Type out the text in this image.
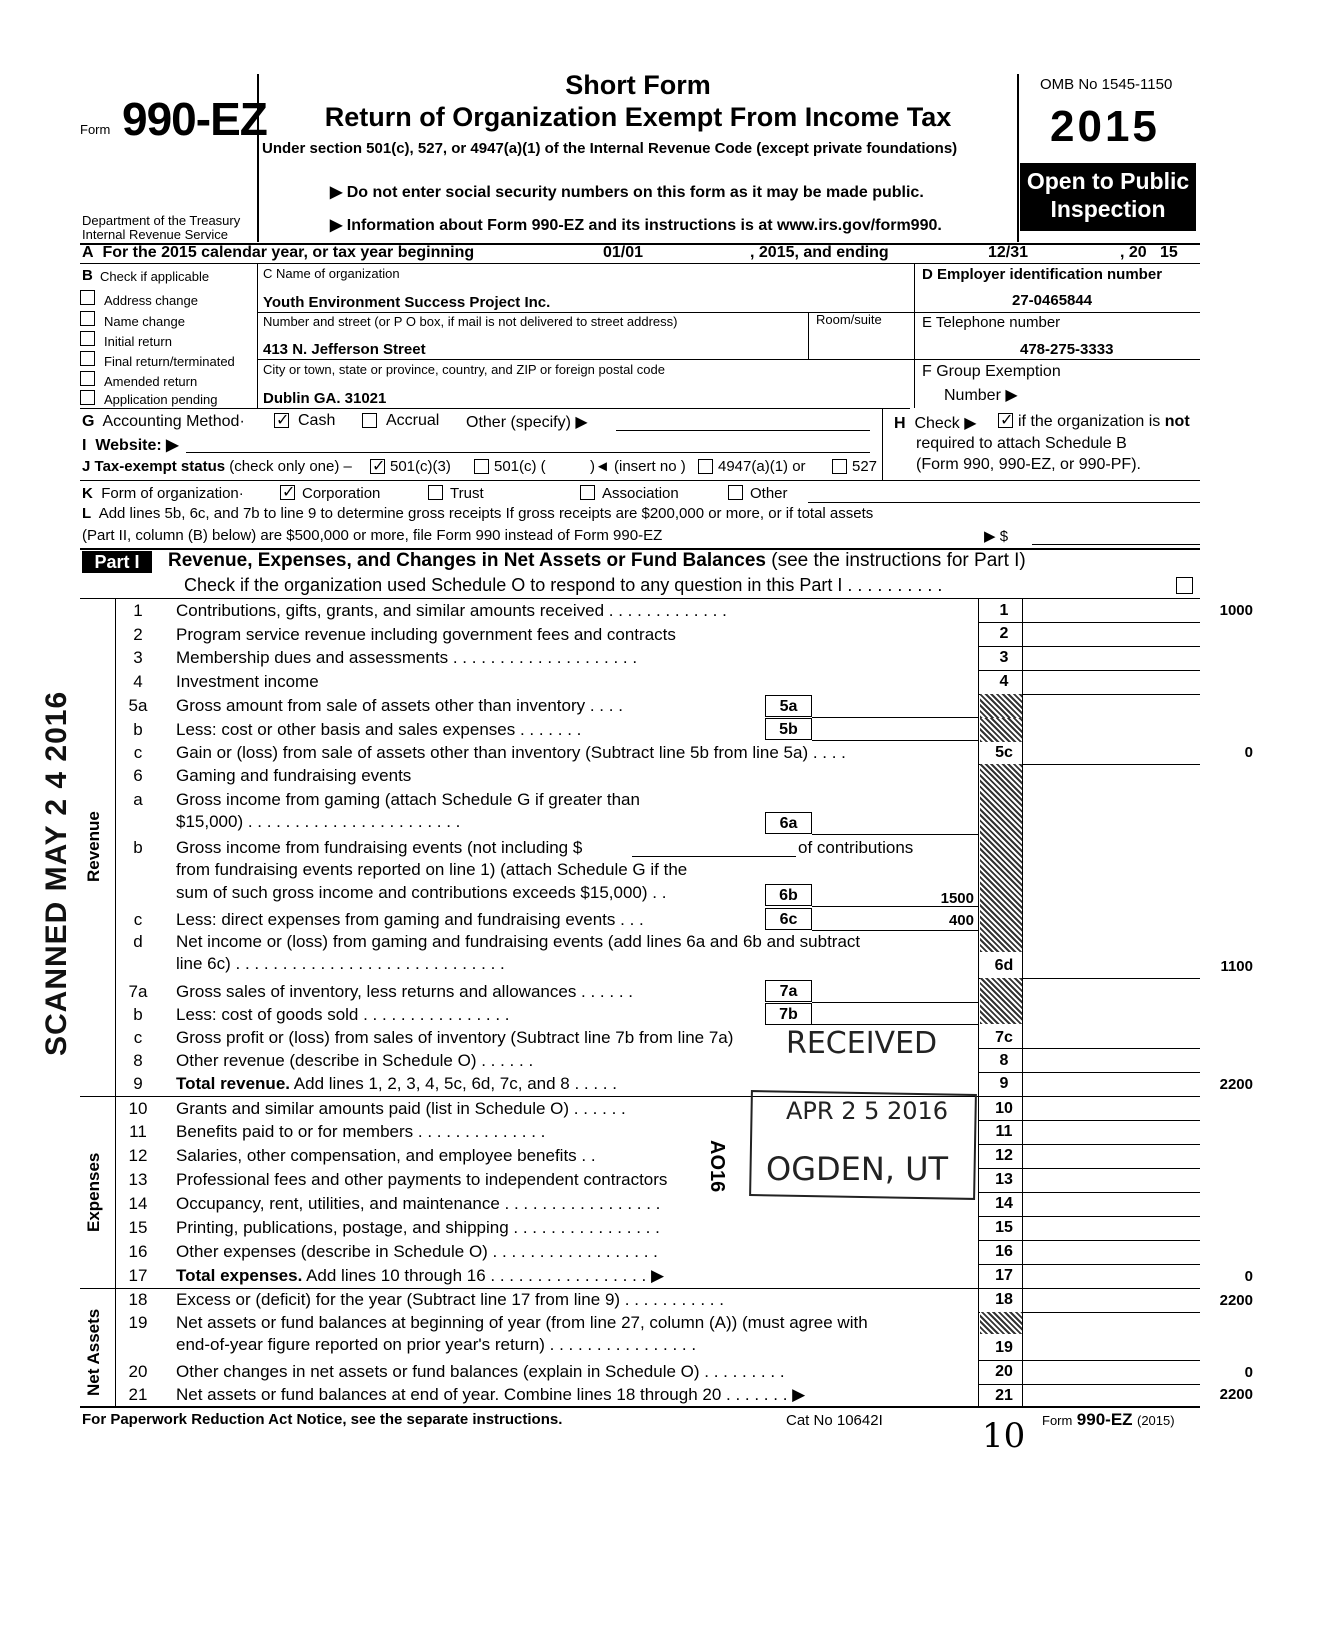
Form 990-EZ
Department of the Treasury
Internal Revenue Service
Short Form
Return of Organization Exempt From Income Tax
Under section 501(c), 527, or 4947(a)(1) of the Internal Revenue Code (except private foundations)
▶ Do not enter social security numbers on this form as it may be made public.
▶ Information about Form 990-EZ and its instructions is at www.irs.gov/form990.
OMB No 1545-1150
2015
Open to Public
Inspection
A For the 2015 calendar year, or tax year beginning	01/01	, 2015, and ending	12/31	, 20 15
B Check if applicable
Address change
Name change
Initial return
Final return/terminated
Amended return
Application pending
C Name of organization
Youth Environment Success Project Inc.
Number and street (or P O box, if mail is not delivered to street address)	Room/suite
413 N. Jefferson Street
City or town, state or province, country, and ZIP or foreign postal code
Dublin GA. 31021
D Employer identification number
27-0465844
E Telephone number
478-275-3333
F Group Exemption
Number ▶
G Accounting Method· ✓	Cash	Accrual Other (specify) ▶	H Check ▶ ✓	if the organization is not
required to attach Schedule B
(Form 990, 990-EZ, or 990-PF).
I Website: ▶
J Tax-exempt status (check only one) – ✓	501(c)(3)	501(c) (	)◄ (insert no ) 4947(a)(1) or	527
K Form of organization· ✓	Corporation	Trust	Association	Other
L Add lines 5b, 6c, and 7b to line 9 to determine gross receipts If gross receipts are $200,000 or more, or if total assets
(Part II, column (B) below) are $500,000 or more, file Form 990 instead of Form 990-EZ	▶ $
Part I	Revenue, Expenses, and Changes in Net Assets or Fund Balances (see the instructions for Part I)
Check if the organization used Schedule O to respond to any question in this Part I . . . . . . . . . .
Revenue
Expenses
Net Assets
1	Contributions, gifts, grants, and similar amounts received . . . . . . . . . . . . .	1	1000
2	Program service revenue including government fees and contracts	2
3	Membership dues and assessments . . . . . . . . . . . . . . . . . . . .	3
4	Investment income	4
5a	Gross amount from sale of assets other than inventory . . . .	5a
b	Less: cost or other basis and sales expenses . . . . . . .	5b
c	Gain or (loss) from sale of assets other than inventory (Subtract line 5b from line 5a) . . . .	5c	0
6	Gaming and fundraising events
a	Gross income from gaming (attach Schedule G if greater than
$15,000) . . . . . . . . . . . . . . . . . . . . . . .	6a
b	Gross income from fundraising events (not including $	of contributions
from fundraising events reported on line 1) (attach Schedule G if the
sum of such gross income and contributions exceeds $15,000) . .	6b	1500
c	Less: direct expenses from gaming and fundraising events . . .	6c	400
d	Net income or (loss) from gaming and fundraising events (add lines 6a and 6b and subtract
line 6c) . . . . . . . . . . . . . . . . . . . . . . . . . . . . .	6d	1100
7a	Gross sales of inventory, less returns and allowances . . . . . .	7a
b	Less: cost of goods sold . . . . . . . . . . . . . . . .	7b
c	Gross profit or (loss) from sales of inventory (Subtract line 7b from line 7a)	7c
8	Other revenue (describe in Schedule O) . . . . . .	8
9	Total revenue. Add lines 1, 2, 3, 4, 5c, 6d, 7c, and 8 . . . . .	9	2200
10	Grants and similar amounts paid (list in Schedule O) . . . . . .	10
11	Benefits paid to or for members . . . . . . . . . . . . . .	11
12	Salaries, other compensation, and employee benefits . .	12
13	Professional fees and other payments to independent contractors	13
14	Occupancy, rent, utilities, and maintenance . . . . . . . . . . . . . . . . .	14
15	Printing, publications, postage, and shipping . . . . . . . . . . . . . . . .	15
16	Other expenses (describe in Schedule O) . . . . . . . . . . . . . . . . . .	16
17	Total expenses. Add lines 10 through 16 . . . . . . . . . . . . . . . . . ▶	17	0
18	Excess or (deficit) for the year (Subtract line 17 from line 9) . . . . . . . . . . .	18	2200
19	Net assets or fund balances at beginning of year (from line 27, column (A)) (must agree with
end-of-year figure reported on prior year's return) . . . . . . . . . . . . . . . .	19
20	Other changes in net assets or fund balances (explain in Schedule O) . . . . . . . . .	20	0
21	Net assets or fund balances at end of year. Combine lines 18 through 20 . . . . . . . ▶	21	2200
For Paperwork Reduction Act Notice, see the separate instructions.	Cat No 10642I	Form 990-EZ (2015)
10
SCANNED MAY 2 4 2016	RECEIVED
APR 2 5 2016
OGDEN, UT
AO16
